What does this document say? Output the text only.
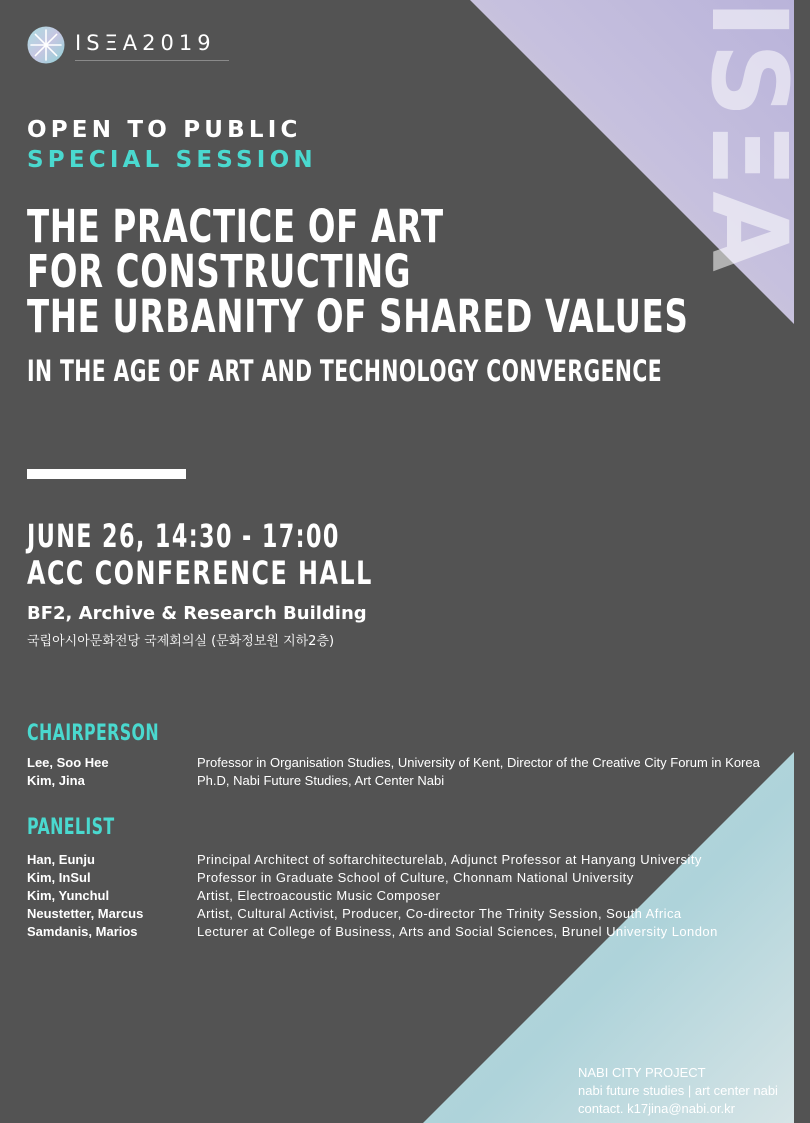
ISΞA
ISΞA2019
OPEN TO PUBLIC
SPECIAL SESSION
THE PRACTICE OF ART
FOR CONSTRUCTING
THE URBANITY OF SHARED VALUES
IN THE AGE OF ART AND TECHNOLOGY CONVERGENCE
JUNE 26, 14:30 - 17:00
ACC CONFERENCE HALL
BF2, Archive & Research Building
국립아시아문화전당 국제회의실 (문화정보원 지하2층)
CHAIRPERSON
Lee, Soo Hee	Professor in Organisation Studies, University of Kent, Director of the Creative City Forum in Korea
Kim, Jina	Ph.D, Nabi Future Studies, Art Center Nabi
PANELIST
Han, Eunju	Principal Architect of softarchitecturelab, Adjunct Professor at Hanyang University
Kim, InSul	Professor in Graduate School of Culture, Chonnam National University
Kim, Yunchul	Artist, Electroacoustic Music Composer
Neustetter, Marcus	Artist, Cultural Activist, Producer, Co-director The Trinity Session, South Africa
Samdanis, Marios	Lecturer at College of Business, Arts and Social Sciences, Brunel University London
NABI CITY PROJECT
nabi future studies | art center nabi
contact. k17jina@nabi.or.kr
